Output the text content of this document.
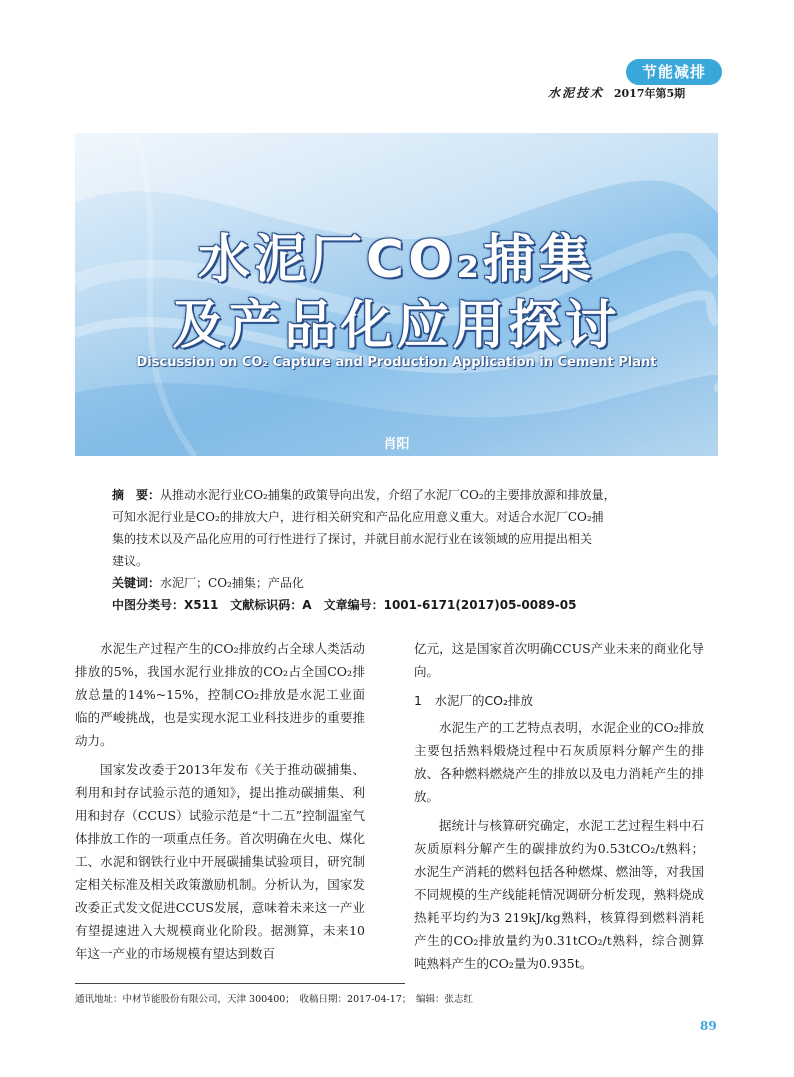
节能减排
水泥技术 2017年第5期
水泥厂CO₂捕集
及产品化应用探讨
Discussion on CO₂ Capture and Production Application in Cement Plant
肖阳
摘　要：从推动水泥行业CO₂捕集的政策导向出发，介绍了水泥厂CO₂的主要排放源和排放量，
可知水泥行业是CO₂的排放大户，进行相关研究和产品化应用意义重大。对适合水泥厂CO₂捕
集的技术以及产品化应用的可行性进行了探讨，并就目前水泥行业在该领域的应用提出相关
建议。
关键词：水泥厂；CO₂捕集；产品化
中图分类号：X511　文献标识码：A　文章编号：1001-6171(2017)05-0089-05

水泥生产过程产生的CO₂排放约占全球人类活动排放的5%，我国水泥行业排放的CO₂占全国CO₂排放总量的14%~15%，控制CO₂排放是水泥工业面临的严峻挑战，也是实现水泥工业科技进步的重要推动力。

国家发改委于2013年发布《关于推动碳捕集、利用和封存试验示范的通知》，提出推动碳捕集、利用和封存（CCUS）试验示范是“十二五”控制温室气体排放工作的一项重点任务。首次明确在火电、煤化工、水泥和钢铁行业中开展碳捕集试验项目，研究制定相关标准及相关政策激励机制。分析认为，国家发改委正式发文促进CCUS发展，意味着未来这一产业有望提速进入大规模商业化阶段。据测算，未来10年这一产业的市场规模有望达到数百

亿元，这是国家首次明确CCUS产业未来的商业化导向。

1　水泥厂的CO₂排放

水泥生产的工艺特点表明，水泥企业的CO₂排放主要包括熟料煅烧过程中石灰质原料分解产生的排放、各种燃料燃烧产生的排放以及电力消耗产生的排放。

据统计与核算研究确定，水泥工艺过程生料中石灰质原料分解产生的碳排放约为0.53tCO₂/t熟料；水泥生产消耗的燃料包括各种燃煤、燃油等，对我国不同规模的生产线能耗情况调研分析发现，熟料烧成热耗平均约为3 219kJ/kg熟料，核算得到燃料消耗产生的CO₂排放量约为0.31tCO₂/t熟料，综合测算吨熟料产生的CO₂量为0.935t。

通讯地址：中材节能股份有限公司，天津 300400；　收稿日期：2017-04-17；　编辑：张志红
89
